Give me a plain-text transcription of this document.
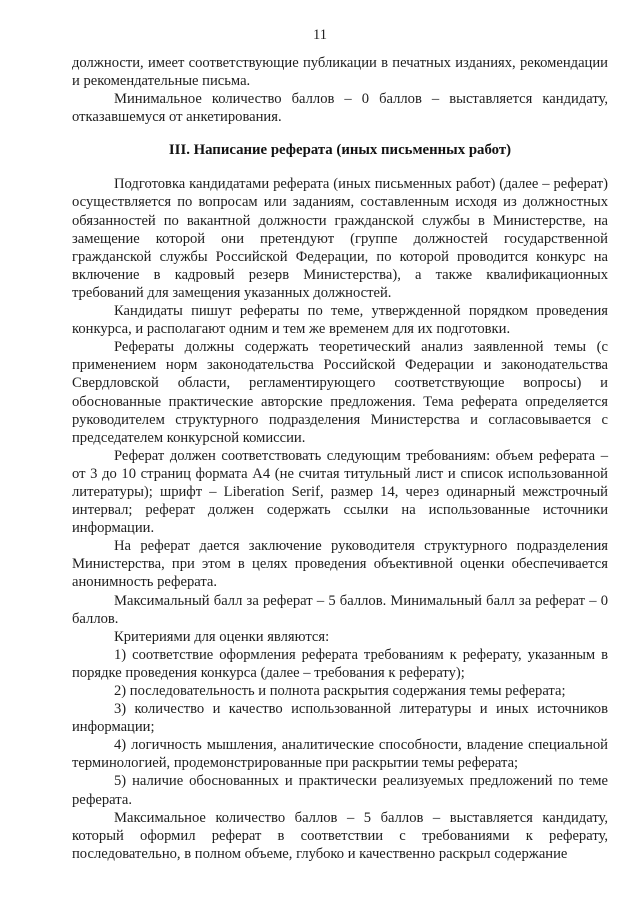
11

должности, имеет соответствующие публикации в печатных изданиях, рекомендации и рекомендательные письма.

Минимальное количество баллов – 0 баллов – выставляется кандидату, отказавшемуся от анкетирования.

III. Написание реферата (иных письменных работ)

Подготовка кандидатами реферата (иных письменных работ) (далее – реферат) осуществляется по вопросам или заданиям, составленным исходя из должностных обязанностей по вакантной должности гражданской службы в Министерстве, на замещение которой они претендуют (группе должностей государственной гражданской службы Российской Федерации, по которой проводится конкурс на включение в кадровый резерв Министерства), а также квалификационных требований для замещения указанных должностей.

Кандидаты пишут рефераты по теме, утвержденной порядком проведения конкурса, и располагают одним и тем же временем для их подготовки.

Рефераты должны содержать теоретический анализ заявленной темы (с применением норм законодательства Российской Федерации и законодательства Свердловской области, регламентирующего соответствующие вопросы) и обоснованные практические авторские предложения. Тема реферата определяется руководителем структурного подразделения Министерства и согласовывается с председателем конкурсной комиссии.

Реферат должен соответствовать следующим требованиям: объем реферата – от 3 до 10 страниц формата А4 (не считая титульный лист и список использованной литературы); шрифт – Liberation Serif, размер 14, через одинарный межстрочный интервал; реферат должен содержать ссылки на использованные источники информации.

На реферат дается заключение руководителя структурного подразделения Министерства, при этом в целях проведения объективной оценки обеспечивается анонимность реферата.

Максимальный балл за реферат – 5 баллов. Минимальный балл за реферат – 0 баллов.

Критериями для оценки являются:

1) соответствие оформления реферата требованиям к реферату, указанным в порядке проведения конкурса (далее – требования к реферату);

2) последовательность и полнота раскрытия содержания темы реферата;

3) количество и качество использованной литературы и иных источников информации;

4) логичность мышления, аналитические способности, владение специальной терминологией, продемонстрированные при раскрытии темы реферата;

5) наличие обоснованных и практически реализуемых предложений по теме реферата.

Максимальное количество баллов – 5 баллов – выставляется кандидату, который оформил реферат в соответствии с требованиями к реферату, последовательно, в полном объеме, глубоко и качественно раскрыл содержание
